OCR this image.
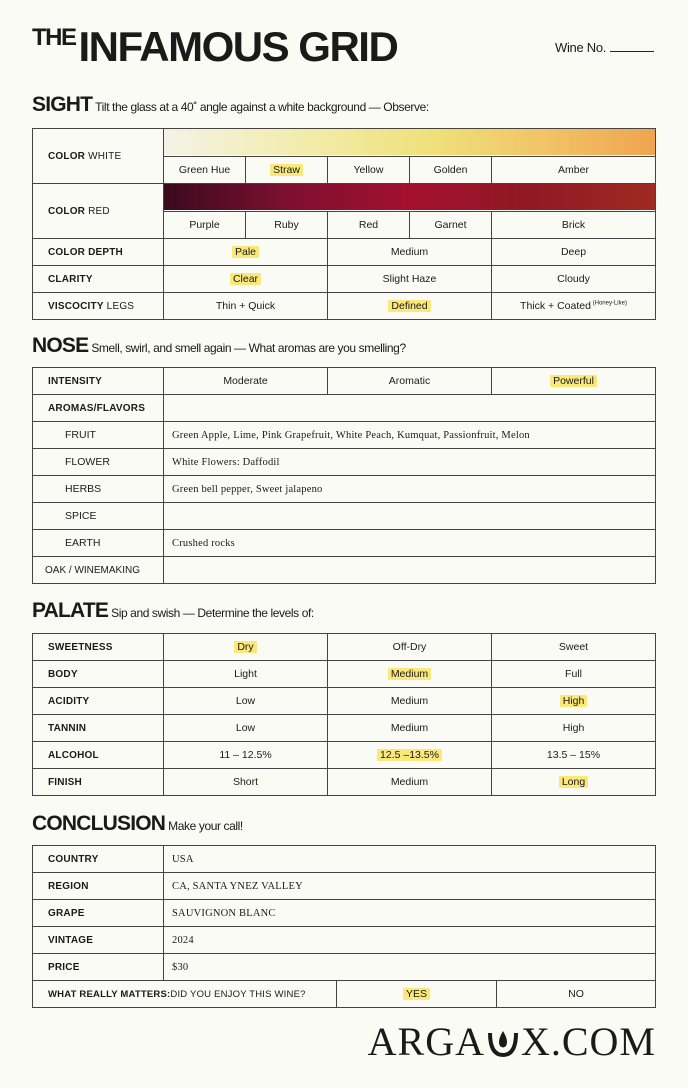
THE INFAMOUS GRID	Wine No.
SIGHT Tilt the glass at a 40˚ angle against a white background — Observe:
COLOR WHITE					

	Green Hue	Straw	Yellow	Golden	Amber
COLOR RED					

	Purple	Ruby	Red	Garnet	Brick
COLOR DEPTH	Pale		Medium		Deep
CLARITY	Clear		Slight Haze		Cloudy
VISCOCITY LEGS	Thin + Quick		Defined		Thick + Coated $^{(Honey-Like)}$
NOSE Smell, swirl, and smell again — What aromas are you smelling?
INTENSITY	Moderate	Aromatic	Powerful
AROMAS/FLAVORS			
FRUIT	Green Apple, Lime, Pink Grapefruit, White Peach, Kumquat, Passionfruit, Melon		
FLOWER	White Flowers: Daffodil		
HERBS	Green bell pepper, Sweet jalapeno		
SPICE			
EARTH	Crushed rocks		
OAK / WINEMAKING			
PALATE Sip and swish — Determine the levels of:
SWEETNESS	Dry	Off-Dry	Sweet
BODY	Light	Medium	Full
ACIDITY	Low	Medium	High
TANNIN	Low	Medium	High
ALCOHOL	11 – 12.5%	12.5 –13.5%	13.5 – 15%
FINISH	Short	Medium	Long
CONCLUSION Make your call!
COUNTRY	USA		
REGION	CA, SANTA YNEZ VALLEY		
GRAPE	SAUVIGNON BLANC		
VINTAGE	2024		
PRICE	$30		
WHAT REALLY MATTERS:DID YOU ENJOY THIS WINE?		YES	NO
ARGA X.COM
